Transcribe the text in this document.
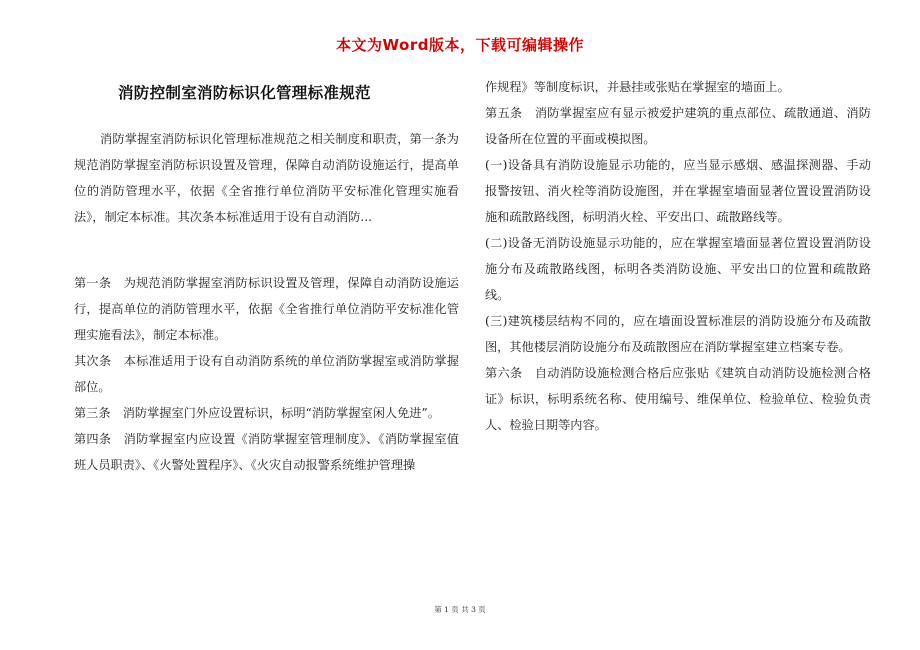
本文为Word版本，下载可编辑操作

消防控制室消防标识化管理标准规范

消防掌握室消防标识化管理标准规范之相关制度和职责，第一条为规范消防掌握室消防标识设置及管理，保障自动消防设施运行，提高单位的消防管理水平，依据《全省推行单位消防平安标准化管理实施看法》，制定本标准。其次条本标准适用于设有自动消防...

第一条　为规范消防掌握室消防标识设置及管理，保障自动消防设施运行，提高单位的消防管理水平，依据《全省推行单位消防平安标准化管理实施看法》，制定本标准。

其次条　本标准适用于设有自动消防系统的单位消防掌握室或消防掌握部位。

第三条　消防掌握室门外应设置标识，标明“消防掌握室闲人免进”。

第四条　消防掌握室内应设置《消防掌握室管理制度》、《消防掌握室值班人员职责》、《火警处置程序》、《火灾自动报警系统维护管理操

作规程》等制度标识，并悬挂或张贴在掌握室的墙面上。

第五条　消防掌握室应有显示被爱护建筑的重点部位、疏散通道、消防设备所在位置的平面或模拟图。

(一)设备具有消防设施显示功能的，应当显示感烟、感温探测器、手动报警按钮、消火栓等消防设施图，并在掌握室墙面显著位置设置消防设施和疏散路线图，标明消火栓、平安出口、疏散路线等。

(二)设备无消防设施显示功能的，应在掌握室墙面显著位置设置消防设施分布及疏散路线图，标明各类消防设施、平安出口的位置和疏散路线。

(三)建筑楼层结构不同的，应在墙面设置标准层的消防设施分布及疏散图，其他楼层消防设施分布及疏散图应在消防掌握室建立档案专卷。

第六条　自动消防设施检测合格后应张贴《建筑自动消防设施检测合格证》标识，标明系统名称、使用编号、维保单位、检验单位、检验负责人、检验日期等内容。

第 1 页 共 3 页
